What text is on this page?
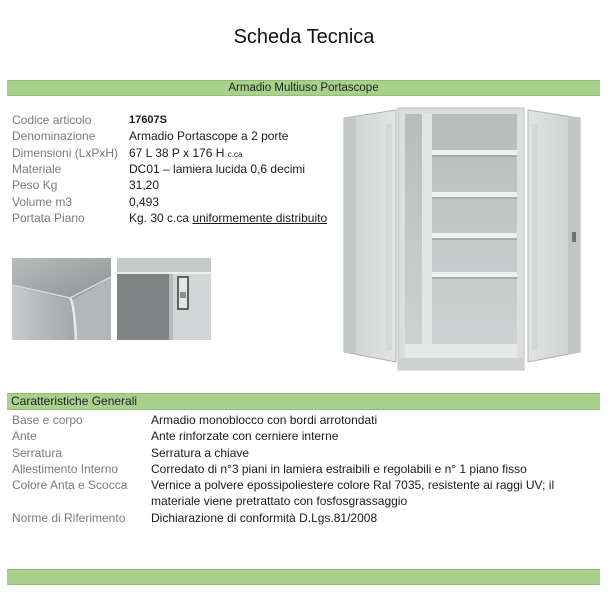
Scheda Tecnica
Armadio Multiuso Portascope
Codice articolo	17607S
Denominazione	Armadio Portascope a 2 porte
Dimensioni (LxPxH) 67 L 38 P x 176 H c.ca
Materiale	DC01 – lamiera lucida 0,6 decimi
Peso Kg	31,20
Volume m3	0,493
Portata Piano	Kg. 30 c.ca uniformemente distribuito
Caratteristiche Generali
Base e corpo	Armadio monoblocco con bordi arrotondati
Ante	Ante rinforzate con cerniere interne
Serratura	Serratura a chiave
Allestimento Interno	Corredato di n°3 piani in lamiera estraibili e regolabili e n° 1 piano fisso
Colore Anta e Scocca	Vernice a polvere epossipoliestere colore Ral 7035, resistente ai raggi UV; il materiale viene pretrattato con fosfosgrassaggio
Norme di Riferimento	Dichiarazione di conformità D.Lgs.81/2008
